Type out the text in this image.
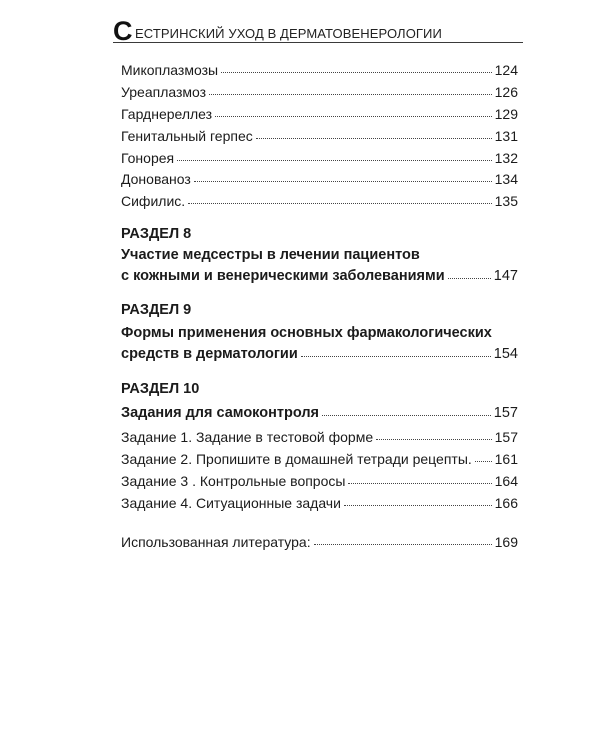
С ЕСТРИНСКИЙ УХОД В ДЕРМАТОВЕНЕРОЛОГИИ
Микоплазмозы	124
Уреаплазмоз	126
Гарднереллез	129
Генитальный герпес	131
Гонорея	132
Донованоз	134
Сифилис.	135
РАЗДЕЛ 8
Участие медсестры в лечении пациентов
с кожными и венерическими заболеваниями	147
РАЗДЕЛ 9
Формы применения основных фармакологических
средств в дерматологии	154
РАЗДЕЛ 10
Задания для самоконтроля	157
Задание 1. Задание в тестовой форме	157
Задание 2. Пропишите в домашней тетради рецепты. 161
Задание 3 . Контрольные вопросы	164
Задание 4. Ситуационные задачи	166
Использованная литература:	169
